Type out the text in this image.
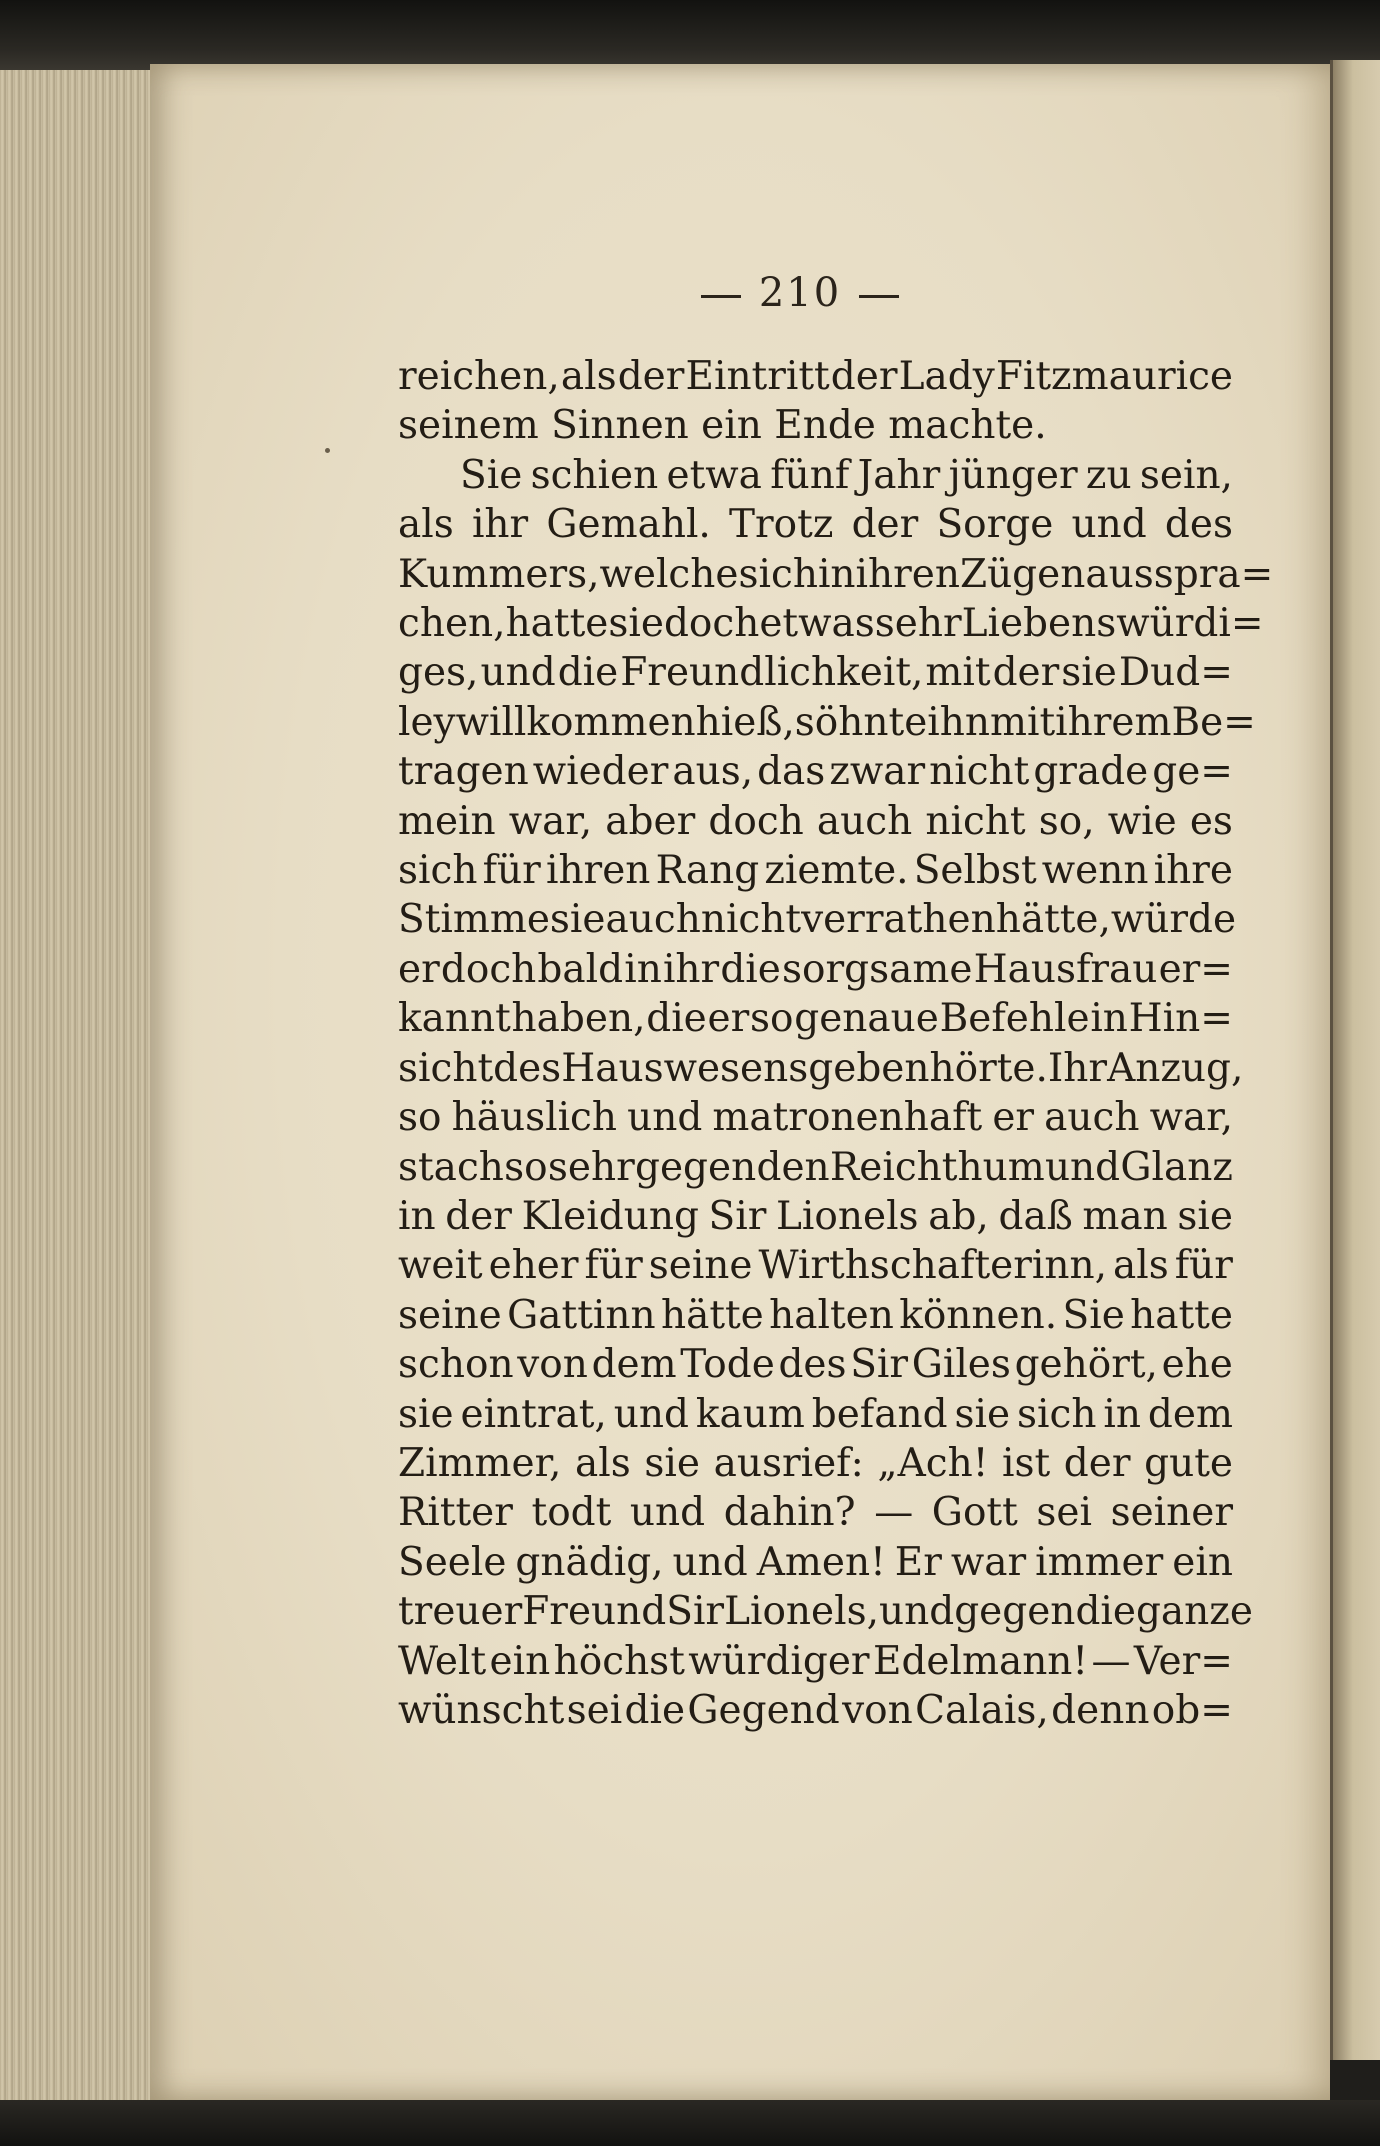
210
reichen, als der Eintritt der Lady Fitzmaurice
seinem Sinnen ein Ende machte.
Sie schien etwa fünf Jahr jünger zu sein,
als ihr Gemahl. Trotz der Sorge und des
Kummers, welche sich in ihren Zügen ausspra=
chen, hatte sie doch etwas sehr Liebenswürdi=
ges, und die Freundlichkeit, mit der sie Dud=
ley willkommen hieß, söhnte ihn mit ihrem Be=
tragen wieder aus, das zwar nicht grade ge=
mein war, aber doch auch nicht so, wie es
sich für ihren Rang ziemte. Selbst wenn ihre
Stimme sie auch nicht verrathen hätte, würde
er doch bald in ihr die sorgsame Hausfrau er=
kannt haben, die er so genaue Befehle in Hin=
sicht des Hauswesens geben hörte. Ihr Anzug,
so häuslich und matronenhaft er auch war,
stach so sehr gegen den Reichthum und Glanz
in der Kleidung Sir Lionels ab, daß man sie
weit eher für seine Wirthschafterinn, als für
seine Gattinn hätte halten können. Sie hatte
schon von dem Tode des Sir Giles gehört, ehe
sie eintrat, und kaum befand sie sich in dem
Zimmer, als sie ausrief: „Ach! ist der gute
Ritter todt und dahin? — Gott sei seiner
Seele gnädig, und Amen! Er war immer ein
treuer Freund Sir Lionels, und gegen die ganze
Welt ein höchst würdiger Edelmann! — Ver=
wünscht sei die Gegend von Calais, denn ob=
